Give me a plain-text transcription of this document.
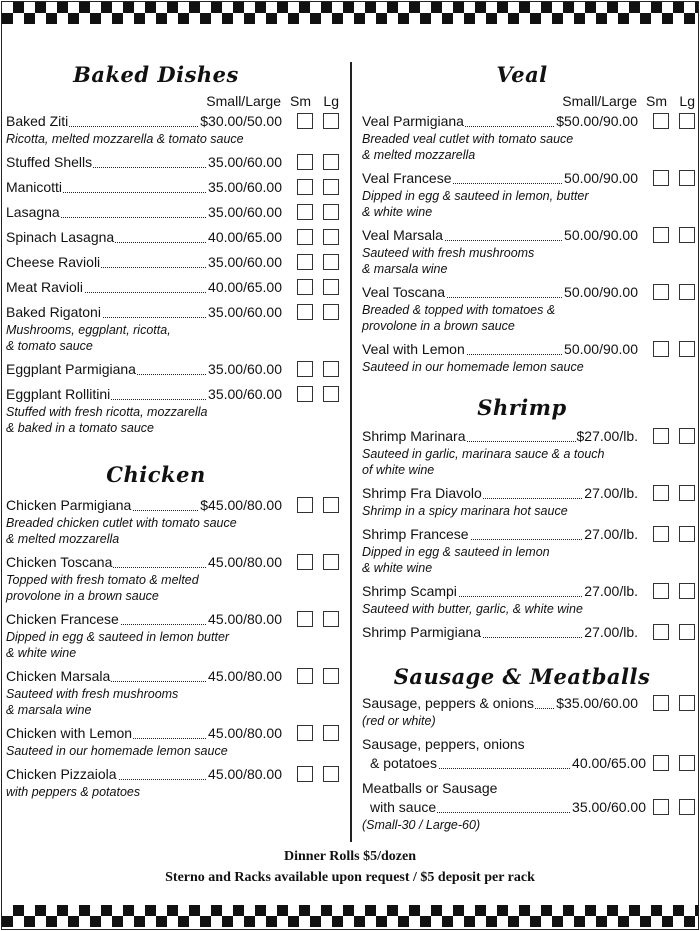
Baked Dishes
Small/Large Sm Lg
Baked Ziti	$30.00/50.00
Ricotta, melted mozzarella & tomato sauce
Stuffed Shells	35.00/60.00
Manicotti	35.00/60.00
Lasagna	35.00/60.00
Spinach Lasagna	40.00/65.00
Cheese Ravioli	35.00/60.00
Meat Ravioli	40.00/65.00
Baked Rigatoni	35.00/60.00
Mushrooms, eggplant, ricotta,
& tomato sauce
Eggplant Parmigiana	35.00/60.00
Eggplant Rollitini	35.00/60.00
Stuffed with fresh ricotta, mozzarella
& baked in a tomato sauce
Chicken
Chicken Parmigiana	$45.00/80.00
Breaded chicken cutlet with tomato sauce
& melted mozzarella
Chicken Toscana	45.00/80.00
Topped with fresh tomato & melted
provolone in a brown sauce
Chicken Francese	45.00/80.00
Dipped in egg & sauteed in lemon butter
& white wine
Chicken Marsala	45.00/80.00
Sauteed with fresh mushrooms
& marsala wine
Chicken with Lemon	45.00/80.00
Sauteed in our homemade lemon sauce
Chicken Pizzaiola	45.00/80.00
with peppers & potatoes
Veal
Small/Large Sm Lg
Veal Parmigiana	$50.00/90.00
Breaded veal cutlet with tomato sauce
& melted mozzarella
Veal Francese	50.00/90.00
Dipped in egg & sauteed in lemon, butter
& white wine
Veal Marsala	50.00/90.00
Sauteed with fresh mushrooms
& marsala wine
Veal Toscana	50.00/90.00
Breaded & topped with tomatoes &
provolone in a brown sauce
Veal with Lemon	50.00/90.00
Sauteed in our homemade lemon sauce
Shrimp
Shrimp Marinara	$27.00/lb.
Sauteed in garlic, marinara sauce & a touch
of white wine
Shrimp Fra Diavolo	27.00/lb.
Shrimp in a spicy marinara hot sauce
Shrimp Francese	27.00/lb.
Dipped in egg & sauteed in lemon
& white wine
Shrimp Scampi	27.00/lb.
Sauteed with butter, garlic, & white wine
Shrimp Parmigiana	27.00/lb.
Sausage & Meatballs
Sausage, peppers & onions $35.00/60.00
(red or white)
Sausage, peppers, onions
& potatoes	40.00/65.00
Meatballs or Sausage
with sauce	35.00/60.00
(Small-30 / Large-60)
Dinner Rolls $5/dozen
Sterno and Racks available upon request / $5 deposit per rack
